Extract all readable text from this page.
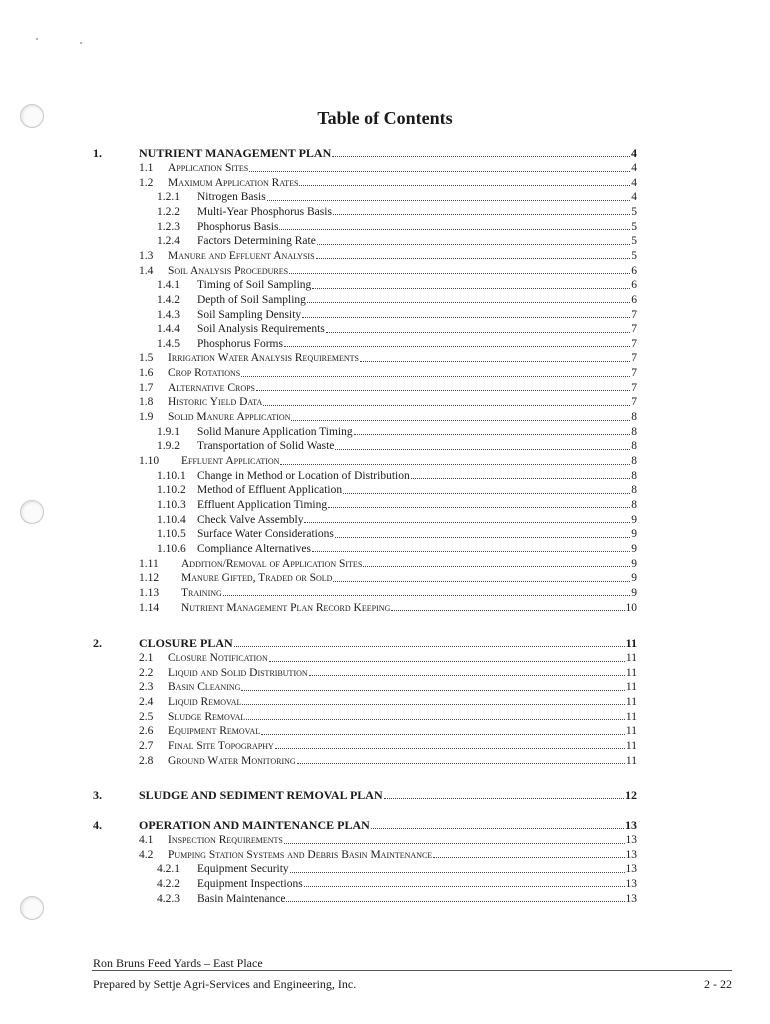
Table of Contents
1.	NUTRIENT MANAGEMENT PLAN	4
1.1	Application Sites	4
1.2	Maximum Application Rates	4
1.2.1	Nitrogen Basis	4
1.2.2	Multi-Year Phosphorus Basis	5
1.2.3	Phosphorus Basis	5
1.2.4	Factors Determining Rate	5
1.3	Manure and Effluent Analysis	5
1.4	Soil Analysis Procedures	6
1.4.1	Timing of Soil Sampling	6
1.4.2	Depth of Soil Sampling	6
1.4.3	Soil Sampling Density	7
1.4.4	Soil Analysis Requirements	7
1.4.5	Phosphorus Forms	7
1.5	Irrigation Water Analysis Requirements	7
1.6	Crop Rotations	7
1.7	Alternative Crops	7
1.8	Historic Yield Data	7
1.9	Solid Manure Application	8
1.9.1	Solid Manure Application Timing	8
1.9.2	Transportation of Solid Waste	8
1.10	Effluent Application	8
1.10.1 Change in Method or Location of Distribution	8
1.10.2 Method of Effluent Application	8
1.10.3 Effluent Application Timing	8
1.10.4 Check Valve Assembly	9
1.10.5 Surface Water Considerations	9
1.10.6 Compliance Alternatives	9
1.11	Addition/Removal of Application Sites	9
1.12	Manure Gifted, Traded or Sold	9
1.13	Training	9
1.14	Nutrient Management Plan Record Keeping	10
2.	CLOSURE PLAN	11
2.1	Closure Notification	11
2.2	Liquid and Solid Distribution	11
2.3	Basin Cleaning	11
2.4	Liquid Removal	11
2.5	Sludge Removal	11
2.6	Equipment Removal	11
2.7	Final Site Topography	11
2.8	Ground Water Monitoring	11
3.	SLUDGE AND SEDIMENT REMOVAL PLAN	12
4.	OPERATION AND MAINTENANCE PLAN	13
4.1	Inspection Requirements	13
4.2	Pumping Station Systems and Debris Basin Maintenance	13
4.2.1	Equipment Security	13
4.2.2	Equipment Inspections	13
4.2.3	Basin Maintenance	13
Ron Bruns Feed Yards – East Place
Prepared by Settje Agri-Services and Engineering, Inc.	2 - 22
